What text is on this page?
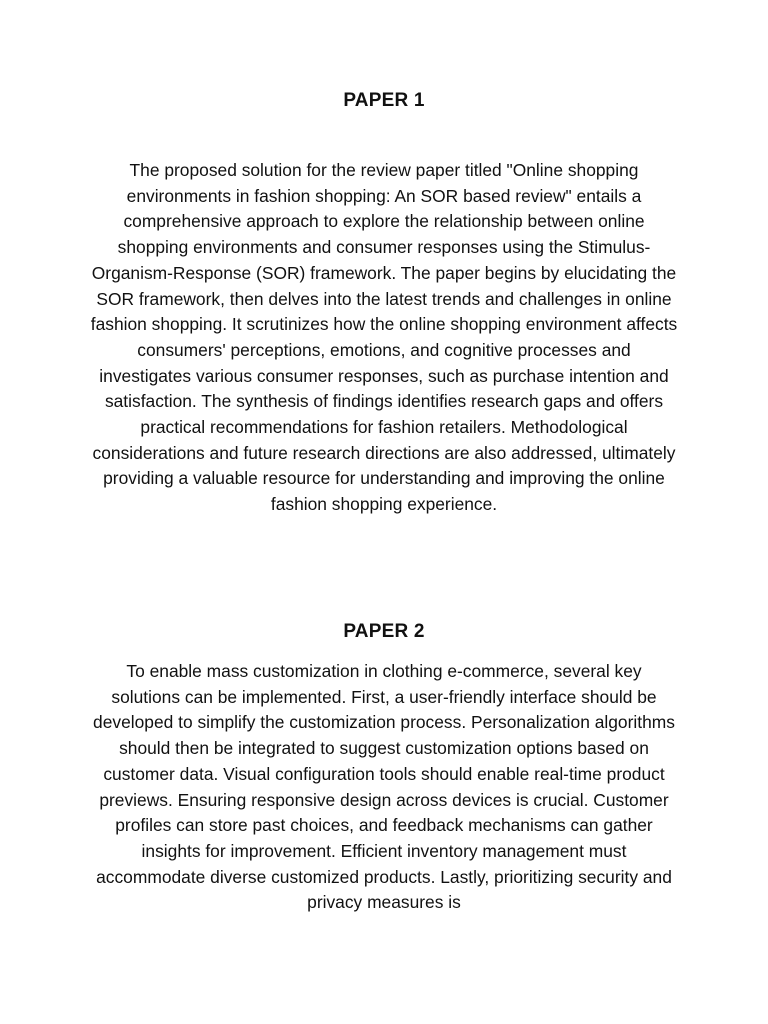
PAPER 1

The proposed solution for the review paper titled "Online shopping environments in fashion shopping: An SOR based review" entails a comprehensive approach to explore the relationship between online shopping environments and consumer responses using the Stimulus-Organism-Response (SOR) framework. The paper begins by elucidating the SOR framework, then delves into the latest trends and challenges in online fashion shopping. It scrutinizes how the online shopping environment affects consumers' perceptions, emotions, and cognitive processes and investigates various consumer responses, such as purchase intention and satisfaction. The synthesis of findings identifies research gaps and offers practical recommendations for fashion retailers. Methodological considerations and future research directions are also addressed, ultimately providing a valuable resource for understanding and improving the online fashion shopping experience.

PAPER 2

To enable mass customization in clothing e-commerce, several key solutions can be implemented. First, a user-friendly interface should be developed to simplify the customization process. Personalization algorithms should then be integrated to suggest customization options based on customer data. Visual configuration tools should enable real-time product previews. Ensuring responsive design across devices is crucial. Customer profiles can store past choices, and feedback mechanisms can gather insights for improvement. Efficient inventory management must accommodate diverse customized products. Lastly, prioritizing security and privacy measures is
